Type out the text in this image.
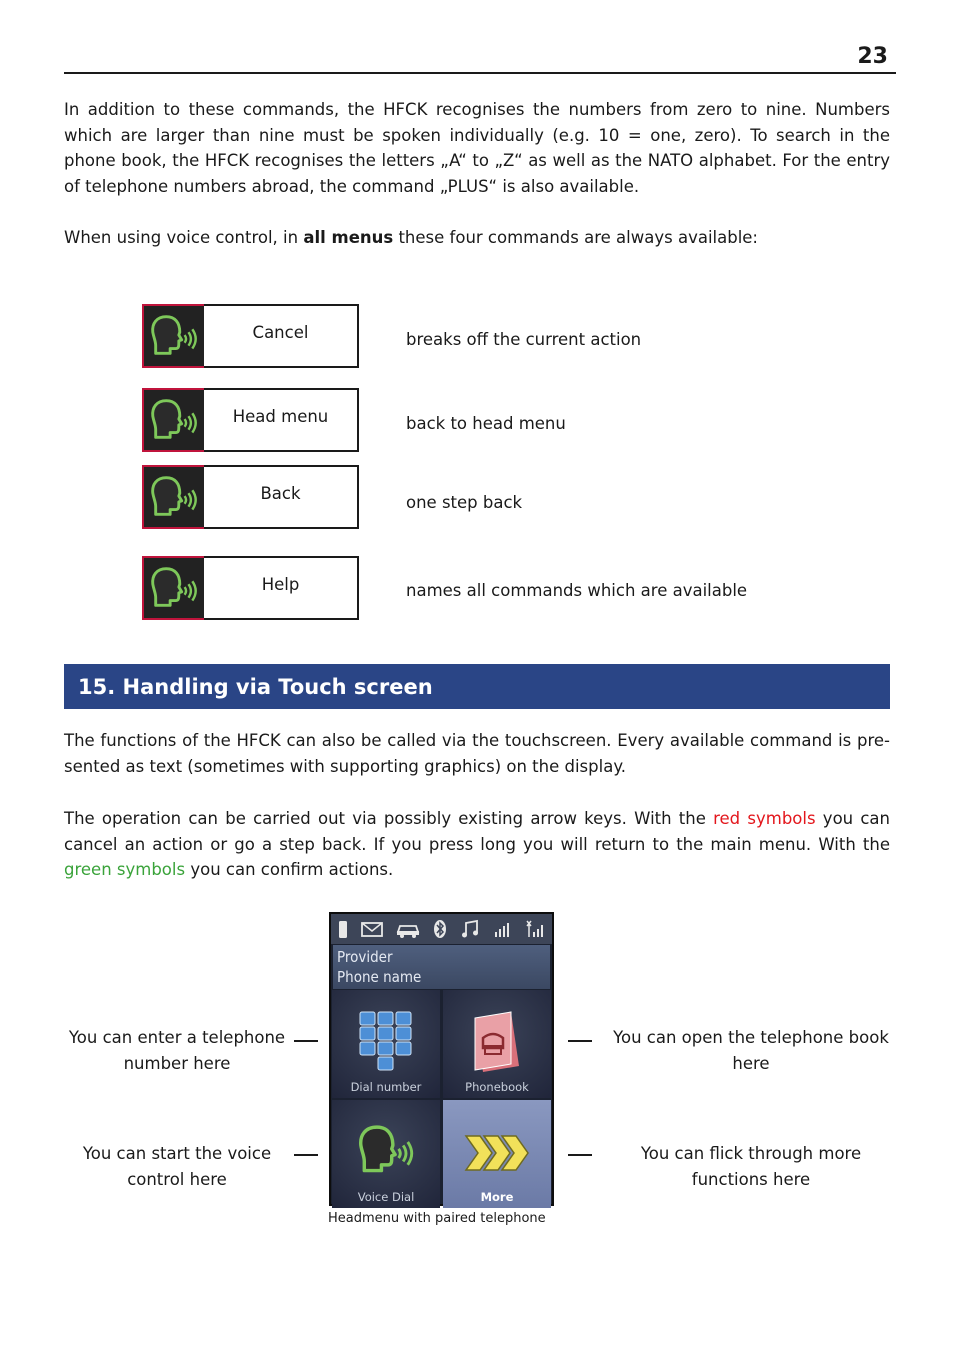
23

In addition to these commands, the HFCK recognises the numbers from zero to nine. Numbers which are larger than nine must be spoken individually (e.g. 10 = one, zero). To search in the phone book, the HFCK recognises the letters „A“ to „Z“ as well as the NATO alphabet. For the entry of telephone numbers abroad, the command „PLUS“ is also available.

When using voice control, in all menus these four commands are always available:

Cancel	breaks off the current action
Head menu	back to head menu
Back	one step back
Help	names all commands which are available
15. Handling via Touch screen

The functions of the HFCK can also be called via the touchscreen. Every available command is pre-sented as text (sometimes with supporting graphics) on the display.

The operation can be carried out via possibly existing arrow keys. With the red symbols you can cancel an action or go a step back. If you press long you will return to the main menu. With the green symbols you can confirm actions.

Provider
Phone name
Dial number	Phonebook
Voice Dial	More
You can enter a telephone number here
You can open the telephone book here
You can start the voice control here
You can flick through more functions here
Headmenu with paired telephone
